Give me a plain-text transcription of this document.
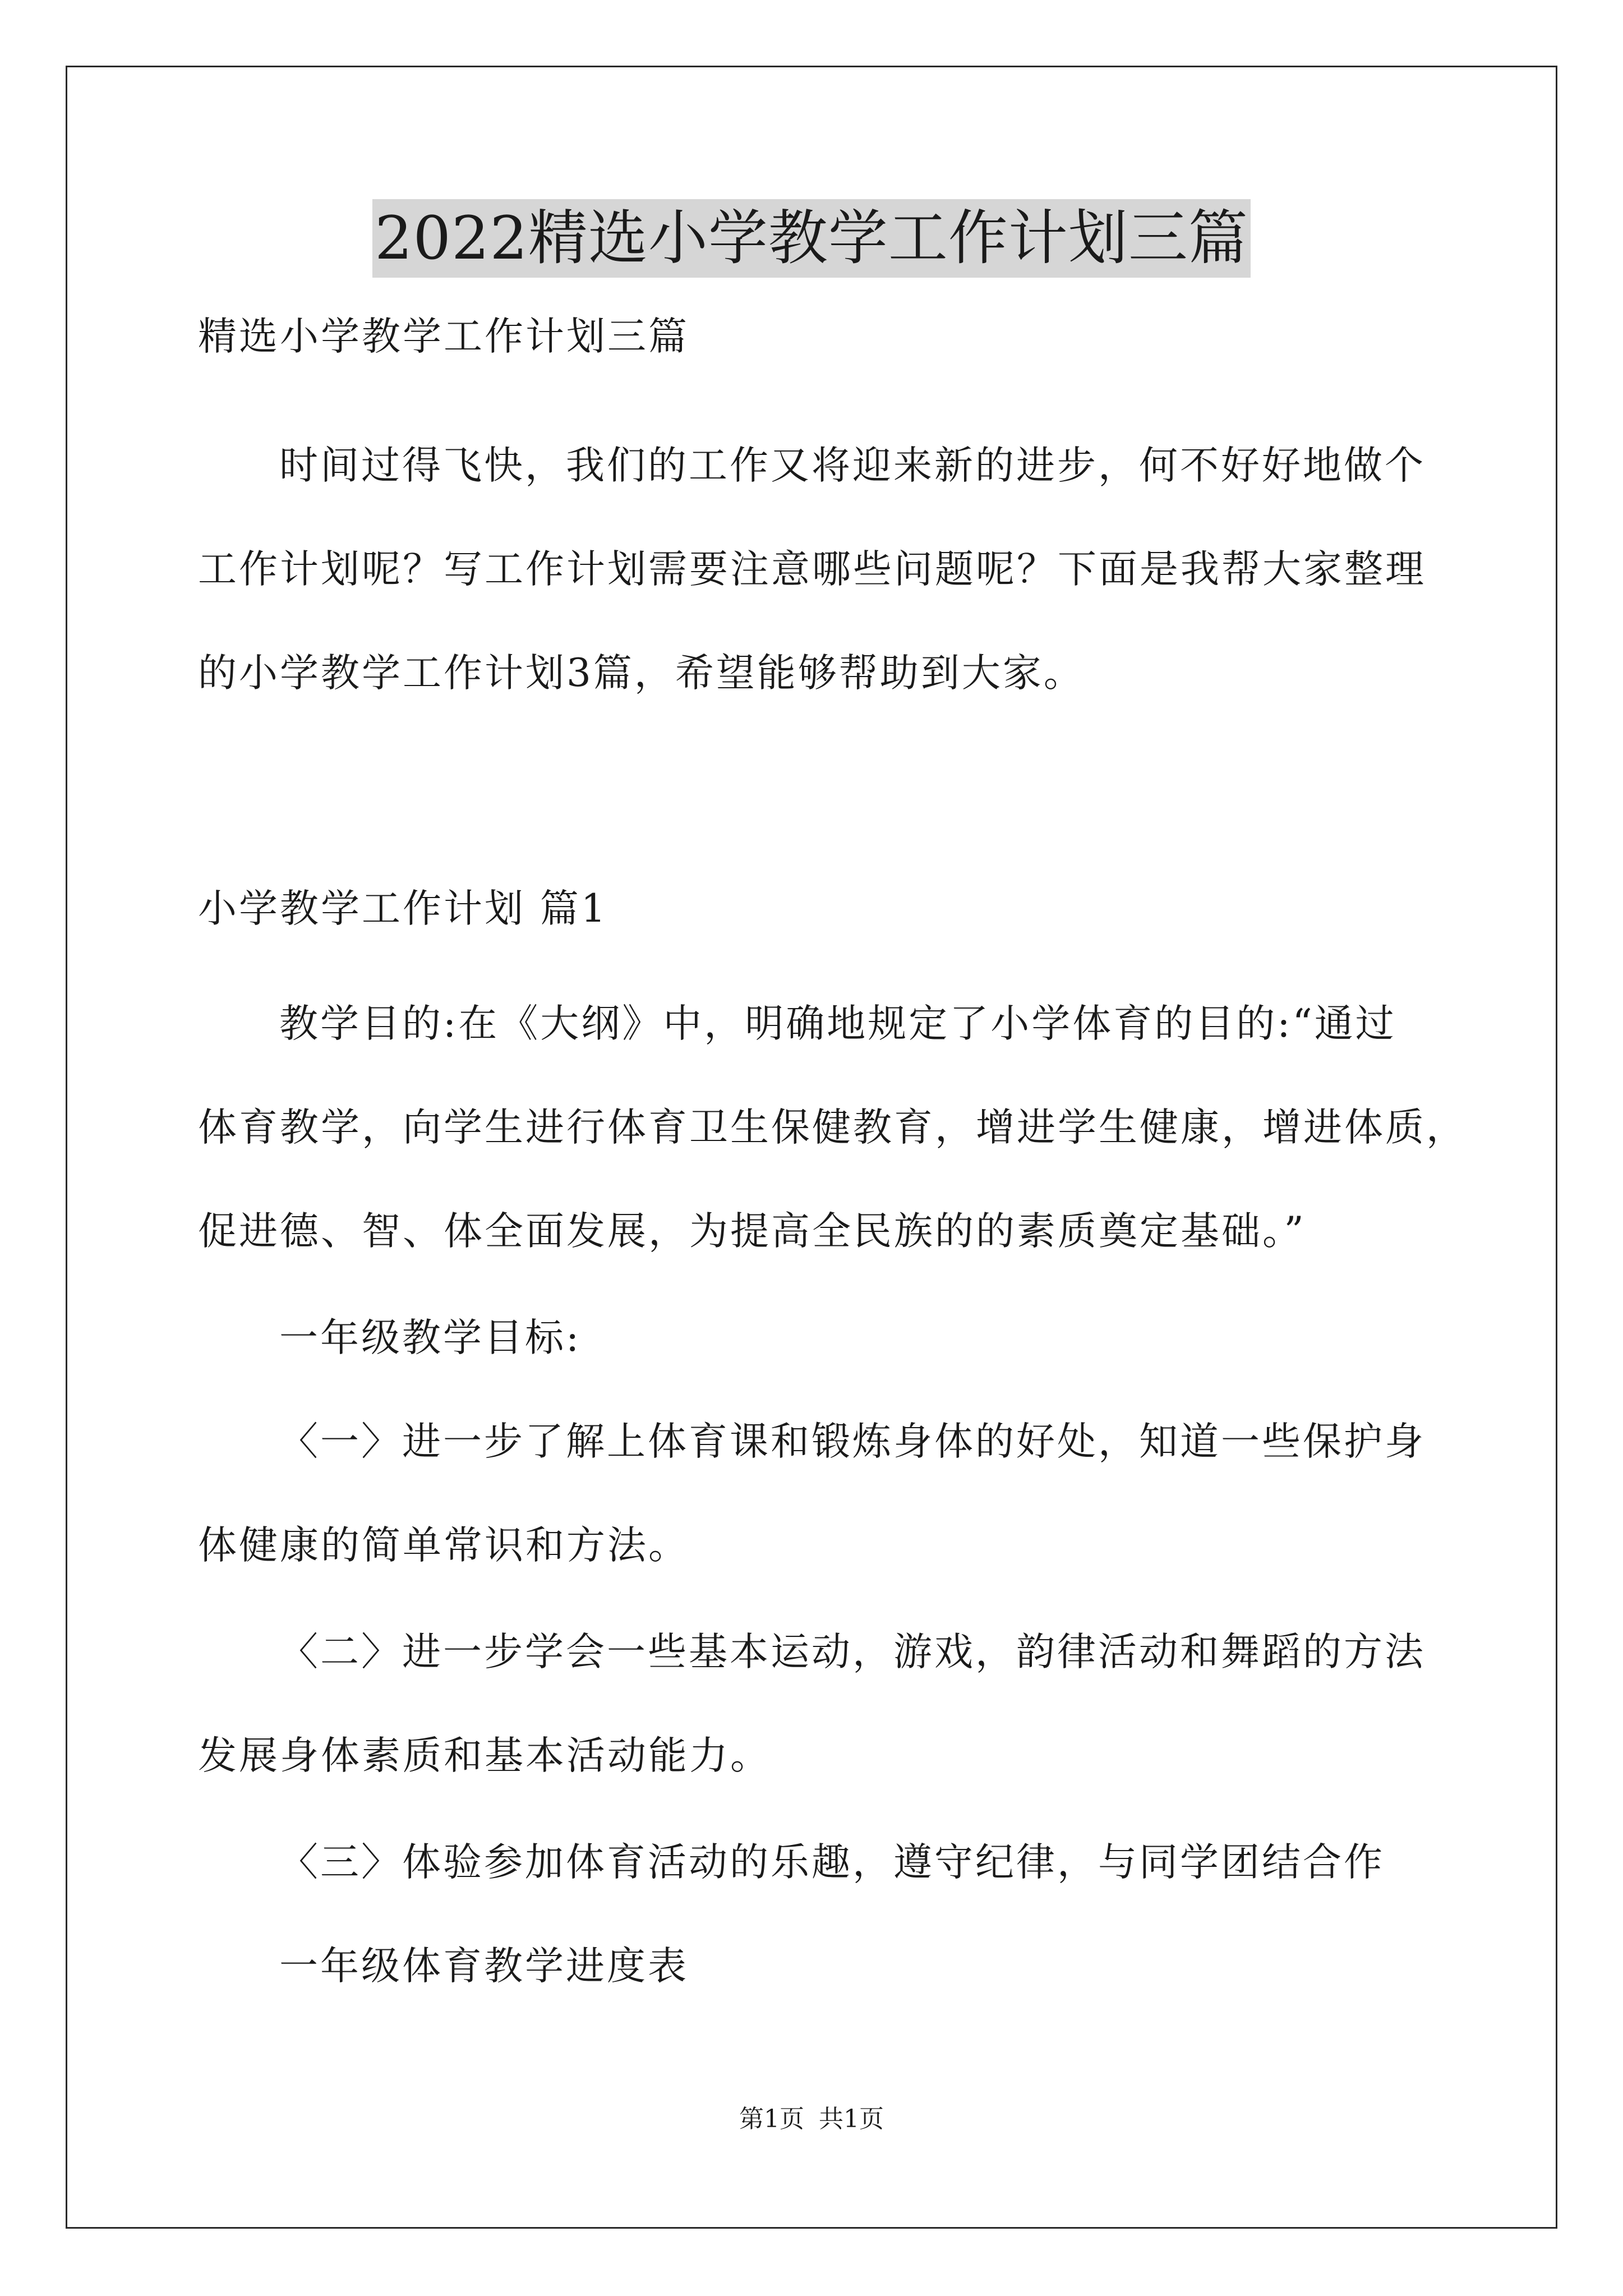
2022精选小学教学工作计划三篇
精选小学教学工作计划三篇
时间过得飞快，我们的工作又将迎来新的进步，何不好好地做个
工作计划呢？写工作计划需要注意哪些问题呢？下面是我帮大家整理
的小学教学工作计划3篇，希望能够帮助到大家。
小学教学工作计划 篇1
教学目的:在《大纲》中，明确地规定了小学体育的目的:“通过
体育教学，向学生进行体育卫生保健教育，增进学生健康，增进体质，
促进德、智、体全面发展，为提高全民族的的素质奠定基础。”
一年级教学目标:
〈一〉进一步了解上体育课和锻炼身体的好处，知道一些保护身
体健康的简单常识和方法。
〈二〉进一步学会一些基本运动，游戏，韵律活动和舞蹈的方法
发展身体素质和基本活动能力。
〈三〉体验参加体育活动的乐趣，遵守纪律，与同学团结合作
一年级体育教学进度表
第1页 共1页
